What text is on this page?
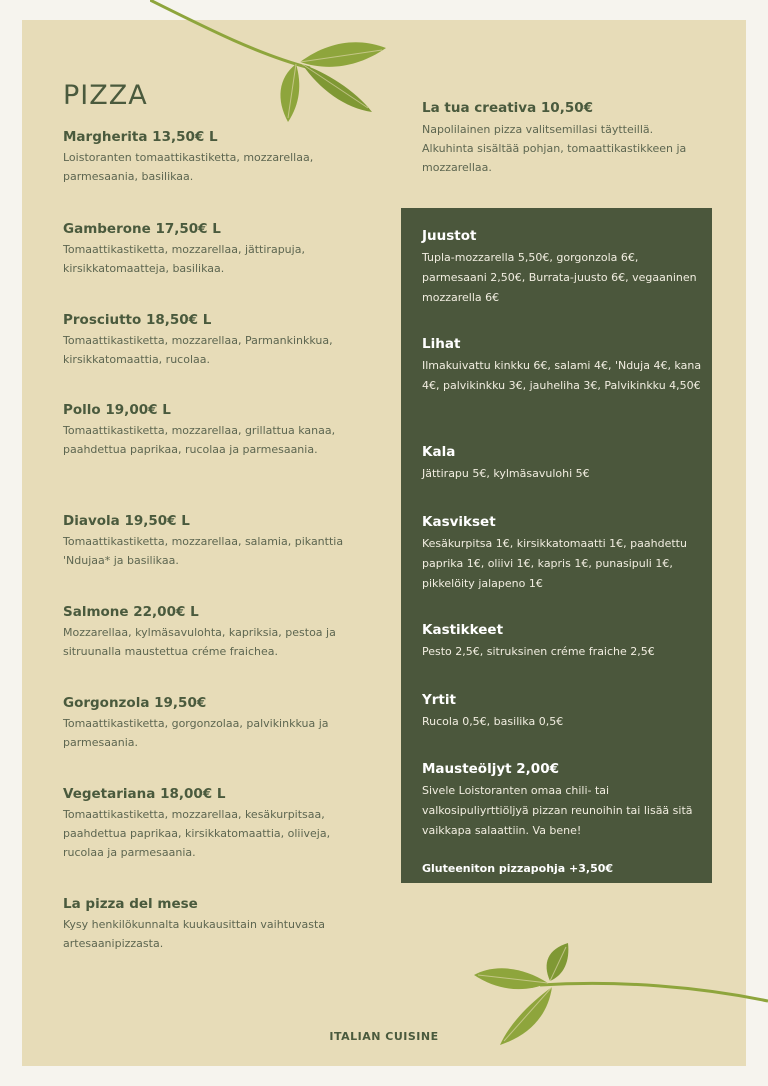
PIZZA
Margherita 13,50€ L
Loistoranten tomaattikastiketta, mozzarellaa, parmesaania, basilikaa.
Gamberone 17,50€ L
Tomaattikastiketta, mozzarellaa, jättirapuja, kirsikkatomaatteja, basilikaa.
Prosciutto 18,50€ L
Tomaattikastiketta, mozzarellaa, Parmankinkkua, kirsikkatomaattia, rucolaa.
Pollo 19,00€ L
Tomaattikastiketta, mozzarellaa, grillattua kanaa, paahdettua paprikaa, rucolaa ja parmesaania.
Diavola 19,50€ L
Tomaattikastiketta, mozzarellaa, salamia, pikanttia 'Ndujaa* ja basilikaa.
Salmone 22,00€ L
Mozzarellaa, kylmäsavulohta, kapriksia, pestoa ja sitruunalla maustettua créme fraichea.
Gorgonzola 19,50€
Tomaattikastiketta, gorgonzolaa, palvikinkkua ja parmesaania.
Vegetariana 18,00€ L
Tomaattikastiketta, mozzarellaa, kesäkurpitsaa, paahdettua paprikaa, kirsikkatomaattia, oliiveja, rucolaa ja parmesaania.
La pizza del mese
Kysy henkilökunnalta kuukausittain vaihtuvasta artesaanipizzasta.
La tua creativa 10,50€
Napolilainen pizza valitsemillasi täytteillä. Alkuhinta sisältää pohjan, tomaattikastikkeen ja mozzarellaa.
Juustot
Tupla-mozzarella 5,50€, gorgonzola 6€, parmesaani 2,50€, Burrata-juusto 6€, vegaaninen mozzarella 6€
Lihat
Ilmakuivattu kinkku 6€, salami 4€, 'Nduja 4€, kana 4€, palvikinkku 3€, jauheliha 3€, Palvikinkku 4,50€
Kala
Jättirapu 5€, kylmäsavulohi 5€
Kasvikset
Kesäkurpitsa 1€, kirsikkatomaatti 1€, paahdettu paprika 1€, oliivi 1€, kapris 1€, punasipuli 1€, pikkelöity jalapeno 1€
Kastikkeet
Pesto 2,5€, sitruksinen créme fraiche 2,5€
Yrtit
Rucola 0,5€, basilika 0,5€
Mausteöljyt 2,00€
Sivele Loistoranten omaa chili- tai valkosipuliyrttiöljyä pizzan reunoihin tai lisää sitä vaikkapa salaattiin. Va bene!
Gluteeniton pizzapohja +3,50€
ITALIAN CUISINE
